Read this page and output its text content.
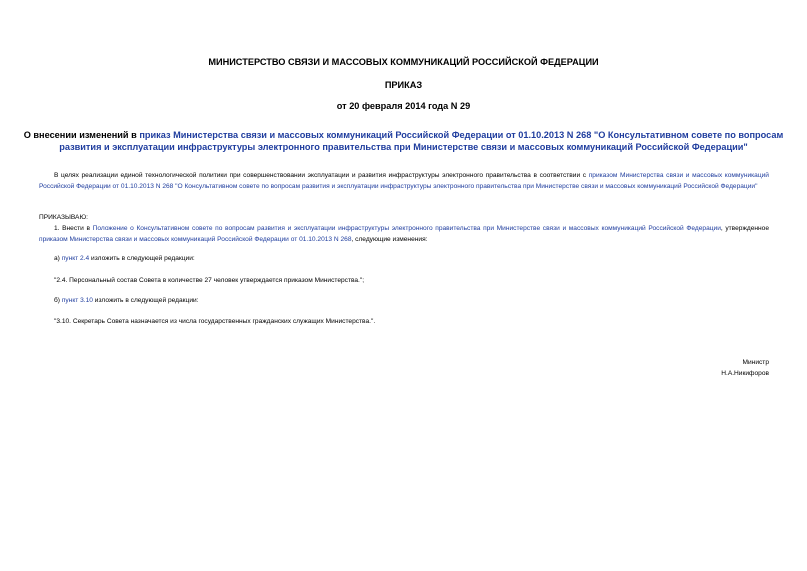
МИНИСТЕРСТВО СВЯЗИ И МАССОВЫХ КОММУНИКАЦИЙ РОССИЙСКОЙ ФЕДЕРАЦИИ
ПРИКАЗ
от 20 февраля 2014 года N 29
О внесении изменений в приказ Министерства связи и массовых коммуникаций Российской Федерации от 01.10.2013 N 268 "О Консультативном совете по вопросам развития и эксплуатации инфраструктуры электронного правительства при Министерстве связи и массовых коммуникаций Российской Федерации"
В целях реализации единой технологической политики при совершенствовании эксплуатации и развития инфраструктуры электронного правительства в соответствии с приказом Министерства связи и массовых коммуникаций Российской Федерации от 01.10.2013 N 268 "О Консультативном совете по вопросам развития и эксплуатации инфраструктуры электронного правительства при Министерстве связи и массовых коммуникаций Российской Федерации"
ПРИКАЗЫВАЮ:
1. Внести в Положение о Консультативном совете по вопросам развития и эксплуатации инфраструктуры электронного правительства при Министерстве связи и массовых коммуникаций Российской Федерации, утвержденное приказом Министерства связи и массовых коммуникаций Российской Федерации от 01.10.2013 N 268, следующие изменения:
а) пункт 2.4 изложить в следующей редакции:
"2.4. Персональный состав Совета в количестве 27 человек утверждается приказом Министерства.";
б) пункт 3.10 изложить в следующей редакции:
"3.10. Секретарь Совета назначается из числа государственных гражданских служащих Министерства.".
Министр
Н.А.Никифоров
